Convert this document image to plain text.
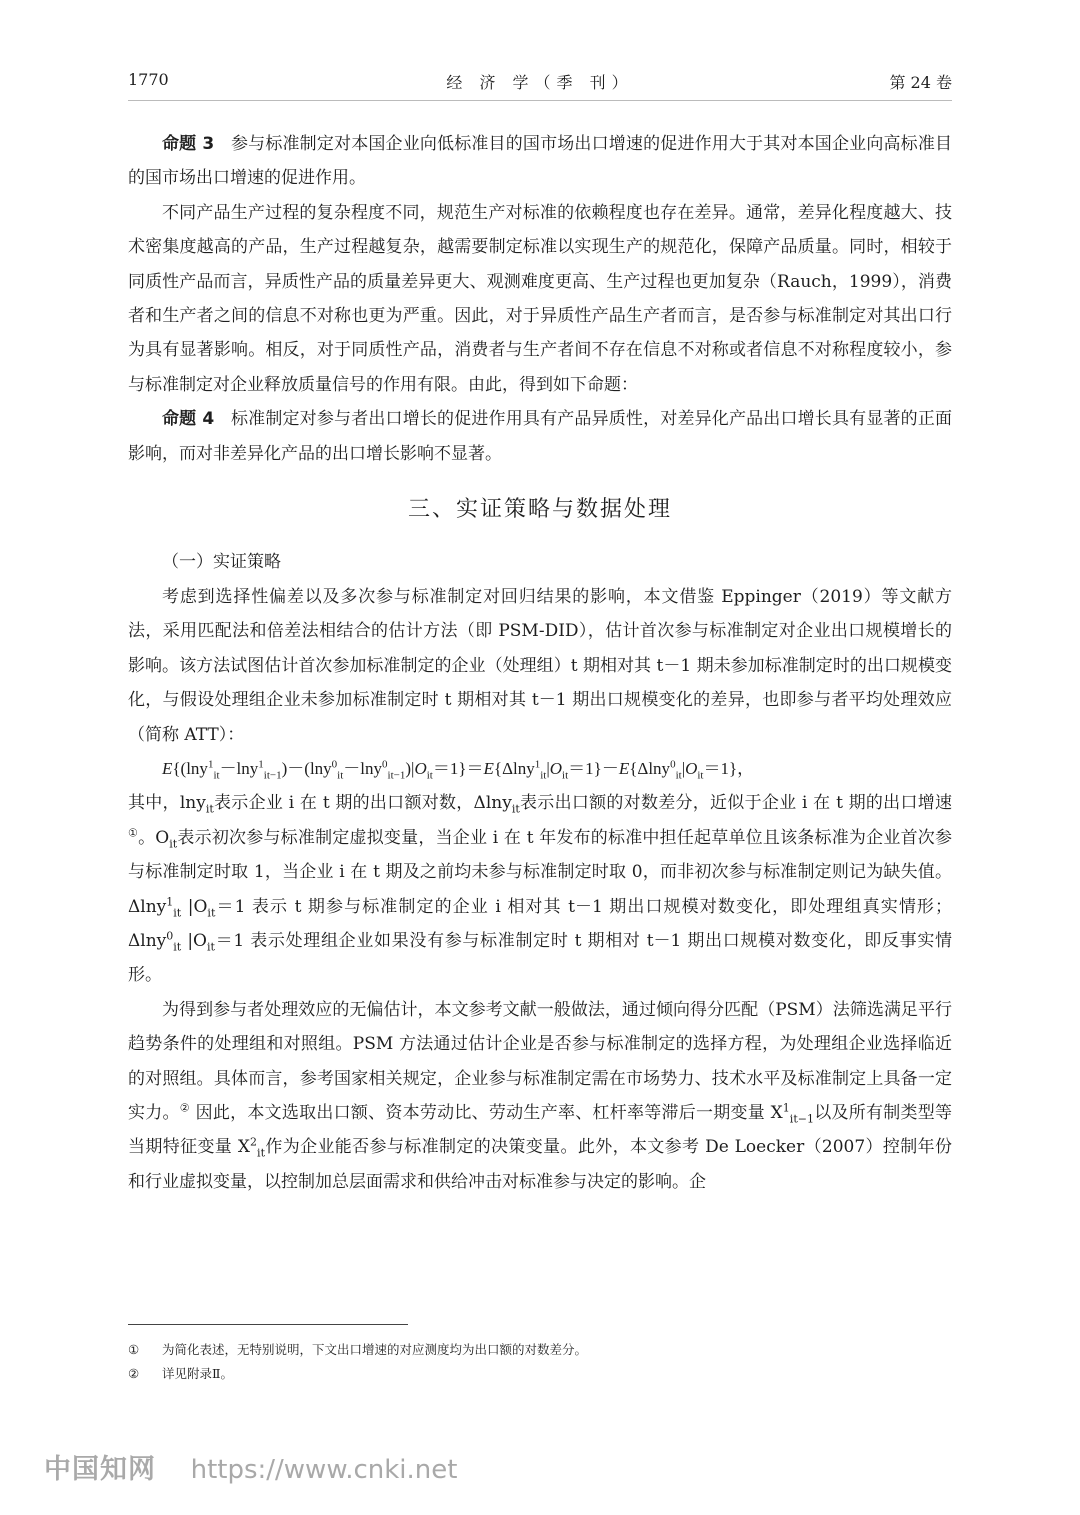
1770	经 济 学（季 刊）	第 24 卷

命题 3 参与标准制定对本国企业向低标准目的国市场出口增速的促进作用大于其对本国企业向高标准目的国市场出口增速的促进作用。

不同产品生产过程的复杂程度不同，规范生产对标准的依赖程度也存在差异。通常，差异化程度越大、技术密集度越高的产品，生产过程越复杂，越需要制定标准以实现生产的规范化，保障产品质量。同时，相较于同质性产品而言，异质性产品的质量差异更大、观测难度更高、生产过程也更加复杂（Rauch，1999），消费者和生产者之间的信息不对称也更为严重。因此，对于异质性产品生产者而言，是否参与标准制定对其出口行为具有显著影响。相反，对于同质性产品，消费者与生产者间不存在信息不对称或者信息不对称程度较小，参与标准制定对企业释放质量信号的作用有限。由此，得到如下命题：

命题 4 标准制定对参与者出口增长的促进作用具有产品异质性，对差异化产品出口增长具有显著的正面影响，而对非差异化产品的出口增长影响不显著。

三、实证策略与数据处理

（一）实证策略

考虑到选择性偏差以及多次参与标准制定对回归结果的影响，本文借鉴 Eppinger（2019）等文献方法，采用匹配法和倍差法相结合的估计方法（即 PSM-DID），估计首次参与标准制定对企业出口规模增长的影响。该方法试图估计首次参加标准制定的企业（处理组）t 期相对其 t－1 期未参加标准制定时的出口规模变化，与假设处理组企业未参加标准制定时 t 期相对其 t－1 期出口规模变化的差异，也即参与者平均处理效应（简称 ATT）：

$E\{(\ln y^1_{it}-\ln y^1_{it-1})-(\ln y^0_{it}-\ln y^0_{it-1})|O_{it}=1\}=E\{\Delta\ln y^1_{it}|O_{it}=1\}-E\{\Delta\ln y^0_{it}|O_{it}=1\}$，

其中，lny$_{it}$表示企业 i 在 t 期的出口额对数，Δlny$_{it}$表示出口额的对数差分，近似于企业 i 在 t 期的出口增速①。$O_{it}$表示初次参与标准制定虚拟变量，当企业 i 在 t 年发布的标准中担任起草单位且该条标准为企业首次参与标准制定时取 1，当企业 i 在 t 期及之前均未参与标准制定时取 0，而非初次参与标准制定则记为缺失值。Δlny$^1_{it}$ $|O_{it}=1$ 表示 t 期参与标准制定的企业 i 相对其 t－1 期出口规模对数变化，即处理组真实情形；Δlny$^0_{it}$ $|O_{it}=1$ 表示处理组企业如果没有参与标准制定时 t 期相对 t－1 期出口规模对数变化，即反事实情形。

为得到参与者处理效应的无偏估计，本文参考文献一般做法，通过倾向得分匹配（PSM）法筛选满足平行趋势条件的处理组和对照组。PSM 方法通过估计企业是否参与标准制定的选择方程，为处理组企业选择临近的对照组。具体而言，参考国家相关规定，企业参与标准制定需在市场势力、技术水平及标准制定上具备一定实力。② 因此，本文选取出口额、资本劳动比、劳动生产率、杠杆率等滞后一期变量 $X^1_{it-1}$以及所有制类型等当期特征变量 $X^2_{it}$作为企业能否参与标准制定的决策变量。此外，本文参考 De Loecker（2007）控制年份和行业虚拟变量，以控制加总层面需求和供给冲击对标准参与决定的影响。企

① 为简化表述，无特别说明，下文出口增速的对应测度均为出口额的对数差分。
② 详见附录Ⅱ。
中国知网 https://www.cnki.net
